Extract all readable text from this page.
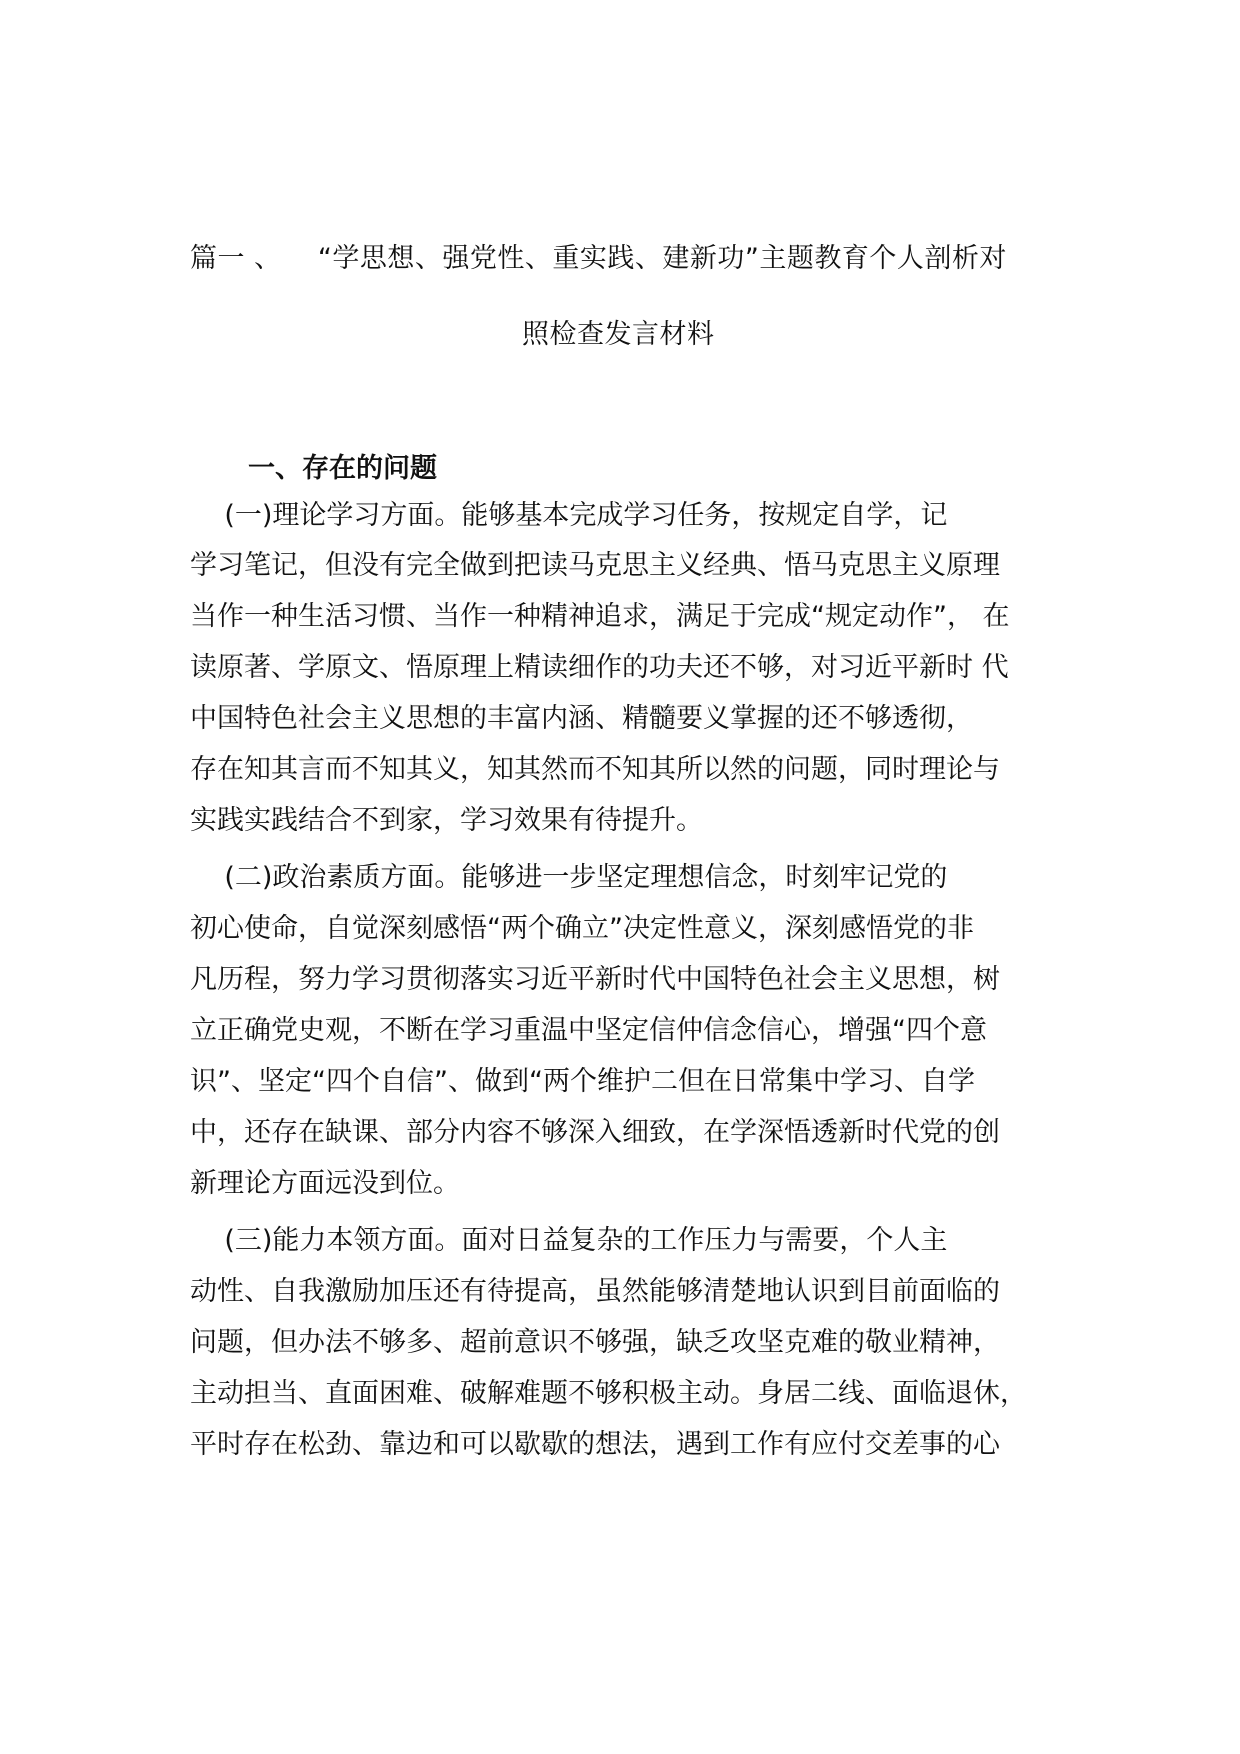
篇一 、    “学思想、强党性、重实践、建新功”主题教育个人剖析对
照检查发言材料
一、存在的问题
(一)理论学习方面。能够基本完成学习任务，按规定自学，记
学习笔记，但没有完全做到把读马克思主义经典、悟马克思主义原理
当作一种生活习惯、当作一种精神追求，满足于完成“规定动作”， 在
读原著、学原文、悟原理上精读细作的功夫还不够，对习近平新时 代
中国特色社会主义思想的丰富内涵、精髓要义掌握的还不够透彻，
存在知其言而不知其义，知其然而不知其所以然的问题，同时理论与
实践实践结合不到家，学习效果有待提升。
(二)政治素质方面。能够进一步坚定理想信念，时刻牢记党的
初心使命，自觉深刻感悟“两个确立”决定性意义，深刻感悟党的非
凡历程，努力学习贯彻落实习近平新时代中国特色社会主义思想，树
立正确党史观，不断在学习重温中坚定信仲信念信心，增强“四个意
识”、坚定“四个自信”、做到“两个维护二但在日常集中学习、自学
中，还存在缺课、部分内容不够深入细致，在学深悟透新时代党的创
新理论方面远没到位。
(三)能力本领方面。面对日益复杂的工作压力与需要，个人主
动性、自我激励加压还有待提高，虽然能够清楚地认识到目前面临的
问题，但办法不够多、超前意识不够强，缺乏攻坚克难的敬业精神，
主动担当、直面困难、破解难题不够积极主动。身居二线、面临退休，
平时存在松劲、靠边和可以歇歇的想法，遇到工作有应付交差事的心
